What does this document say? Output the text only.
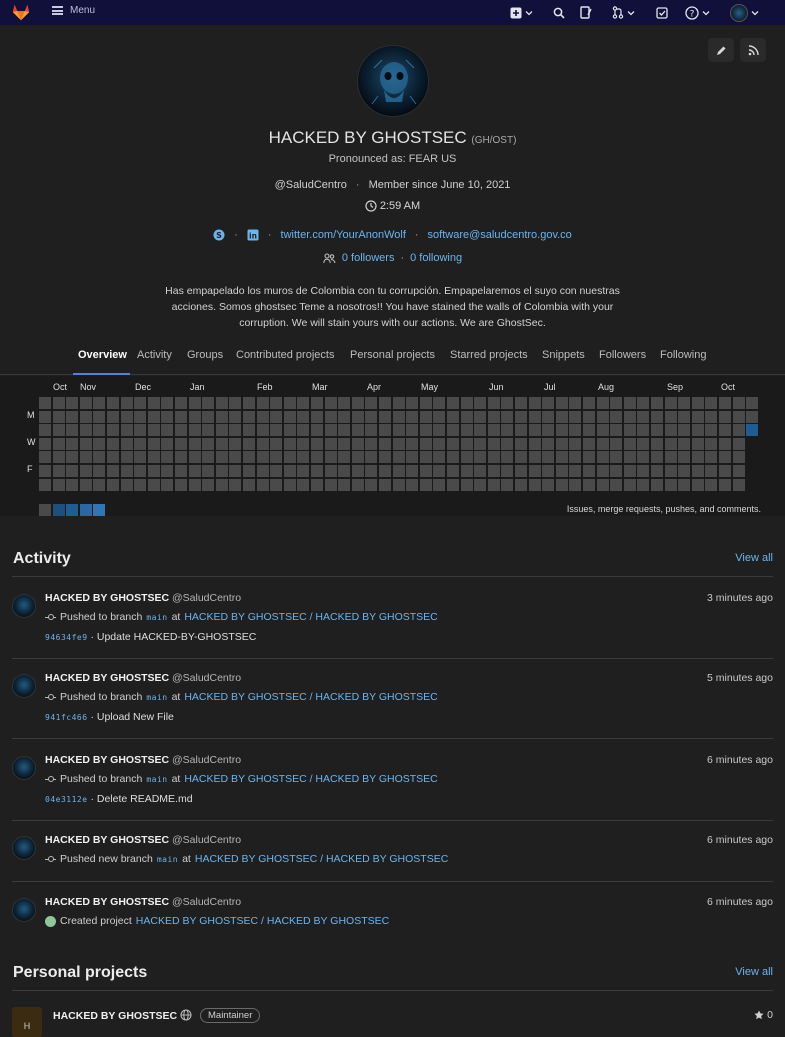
Menu	?
HACKED BY GHOSTSEC (GH/OST)
Pronounced as: FEAR US
@SaludCentro · Member since June 10, 2021
2:59 AM
S · in · twitter.com/YourAnonWolf · software@saludcentro.gov.co
0 followers · 0 following
Has empapelado los muros de Colombia con tu corrupción. Empapelaremos el suyo con nuestras acciones. Somos ghostsec Teme a nosotros!! You have stained the walls of Colombia with your corruption. We will stain yours with our actions. We are GhostSec.
Overview Activity Groups Contributed projects Personal projects Starred projects Snippets Followers Following
Oct Nov	Dec	Jan	Feb	Mar	Apr	May	Jun	Jul	Aug	Sep	Oct
M
W
F
Issues, merge requests, pushes, and comments.
Activity	View all
HACKED BY GHOSTSEC @SaludCentro	3 minutes ago
Pushed to branch main at HACKED BY GHOSTSEC / HACKED BY GHOSTSEC
94634fe9 · Update HACKED-BY-GHOSTSEC
HACKED BY GHOSTSEC @SaludCentro	5 minutes ago
Pushed to branch main at HACKED BY GHOSTSEC / HACKED BY GHOSTSEC
941fc466 · Upload New File
HACKED BY GHOSTSEC @SaludCentro	6 minutes ago
Pushed to branch main at HACKED BY GHOSTSEC / HACKED BY GHOSTSEC
04e3112e · Delete README.md
HACKED BY GHOSTSEC @SaludCentro	6 minutes ago
Pushed new branch main at HACKED BY GHOSTSEC / HACKED BY GHOSTSEC
HACKED BY GHOSTSEC @SaludCentro	6 minutes ago
Created project HACKED BY GHOSTSEC / HACKED BY GHOSTSEC
Personal projects	View all
H
HACKED BY GHOSTSEC	Maintainer	0
